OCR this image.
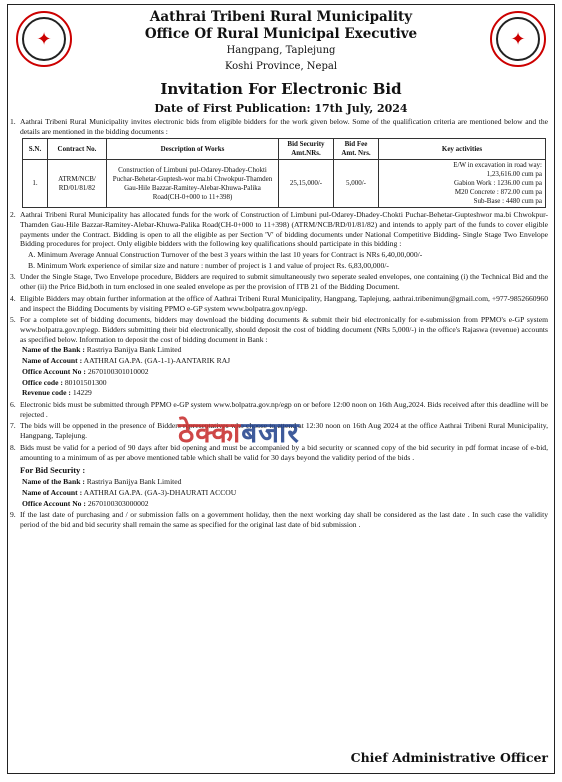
✦	✦
Aathrai Tribeni Rural Municipality
Office Of Rural Municipal Executive
Hangpang, Taplejung
Koshi Province, Nepal
Invitation For Electronic Bid
Date of First Publication: 17th July, 2024
1. Aathrai Tribeni Rural Municipality invites electronic bids from eligible bidders for the work given below. Some of the qualification criteria are mentioned below and the details are mentioned in the bidding documents :
S.N.	Contract No.	Description of Works	Bid Security Amt.NRs.	Bid Fee Amt. Nrs.	Key activities
1.	ATRM/NCB/ RD/01/81/82	Construction of Limbuni pul-Odarey-Dhadey-Chokti Puchar-Behetar-Guptesh-wor ma.bi Chwokpur-Thamden Gau-Hile Bazzar-Ramitey-Alebar-Khuwa-Palika Road(CH-0+000 to 11+398)	25,15,000/-	5,000/-	E/W in excavation in road way:
1,23,616.00 cum pa
Gabion Work : 1236.00 cum pa
M20 Concrete : 872.00 cum pa
Sub-Base : 4480 cum pa
2. Aathrai Tribeni Rural Municipality has allocated funds for the work of Construction of Limbuni pul-Odarey-Dhadey-Chokti Puchar-Behetar-Gupteshwor ma.bi Chwokpur-Thamden Gau-Hile Bazzar-Ramitey-Alebar-Khuwa-Palika Road(CH-0+000 to 11+398) (ATRM/NCB/RD/01/81/82) and intends to apply part of the funds to cover eligible payments under the Contract. Bidding is open to all the eligible as per Section 'V' of bidding documents under National Competitive Bidding- Single Stage Two Envelope Bidding procedures for project. Only eligible bidders with the following key qualifications should participate in this bidding :
A. Minimum Average Annual Construction Turnover of the best 3 years within the last 10 years for Contract is NRs 6,40,00,000/-
B. Minimum Work experience of similar size and nature : number of project is 1 and value of project Rs. 6,83,00,000/-
3. Under the Single Stage, Two Envelope procedure, Bidders are required to submit simultaneously two seperate sealed envelopes, one containing (i) the Technical Bid and the other (ii) the Price Bid,both in turn enclosed in one sealed envelope as per the provision of ITB 21 of the Bidding Document.
4. Eligible Bidders may obtain further information at the office of Aathrai Tribeni Rural Municipality, Hangpang, Taplejung, aathrai.tribenimun@gmail.com, +977-9852660960 and inspect the Bidding Documents by visiting PPMO e-GP system www.bolpatra.gov.np/egp.
5. For a complete set of bidding documents, bidders may download the bidding documents & submit their bid electronically for e-submission from PPMO's e-GP system www.bolpatra.gov.np\egp. Bidders submitting their bid electronically, should deposit the cost of bidding document (NRs 5,000/-) in the office's Rajaswa (revenue) accounts as specified below. Information to deposit the cost of bidding document in Bank :
Name of the Bank : Rastriya Banijya Bank Limited
Name of Account : AATHRAI GA.PA. (GA-1-1)-AANTARIK RAJ
Office Account No : 2670100301010002
Office code : 80101501300
Revenue code : 14229
6. Electronic bids must be submitted through PPMO e-GP system www.bolpatra.gov.np/egp on or before 12:00 noon on 16th Aug,2024. Bids received after this deadline will be rejected .
7. The bids will be oppened in the presence of Bidders representatives who choose to attend at 12:30 noon on 16th Aug 2024 at the office Aathrai Tribeni Rural Municipality, Hangpang, Taplejung.
8. Bids must be valid for a period of 90 days after bid opening and must be accompanied by a bid security or scanned copy of the bid security in pdf format incase of e-bid, amounting to a minimum of as per above mentioned table which shall be valid for 30 days beyond the validity period of the bids .
For Bid Security :
Name of the Bank : Rastriya Banijya Bank Limited
Name of Account : AATHRAI GA.PA. (GA-3)-DHAURATI ACCOU
Office Account No : 2670100303000002
9. If the last date of purchasing and / or submission falls on a government holiday, then the next working day shall be considered as the last date . In such case the validity period of the bid and bid security shall remain the same as specified for the original last date of bid submission .
ठेक्काबजार
Chief Administrative Officer
